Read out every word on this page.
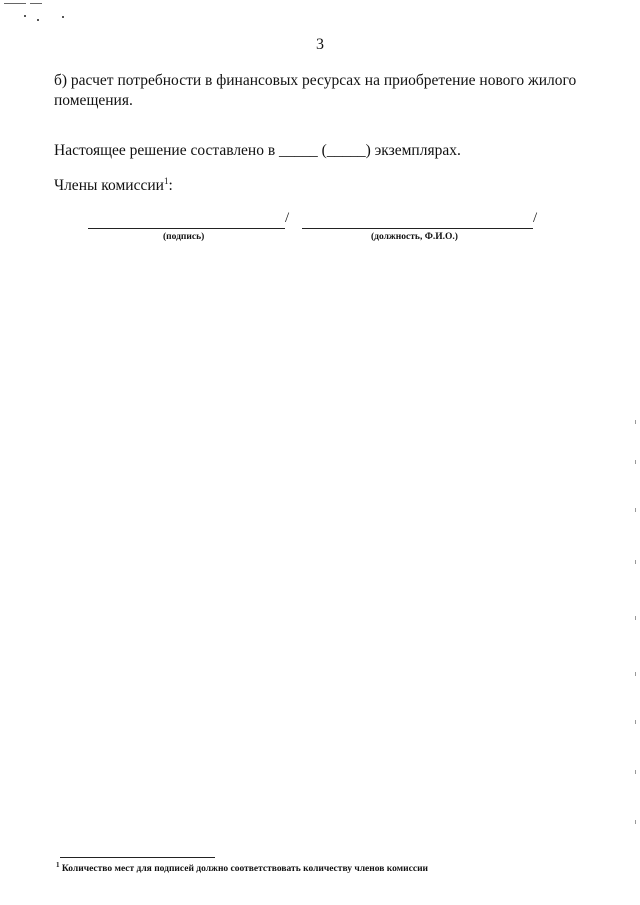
3
б) расчет потребности в финансовых ресурсах на приобретение нового жилого помещения.
Настоящее решение составлено в _____ (_____) экземплярах.
Члены комиссии$^1$:
/	/
(подпись)	(должность, Ф.И.О.)
$^1$ Количество мест для подписей должно соответствовать количеству членов комиссии
